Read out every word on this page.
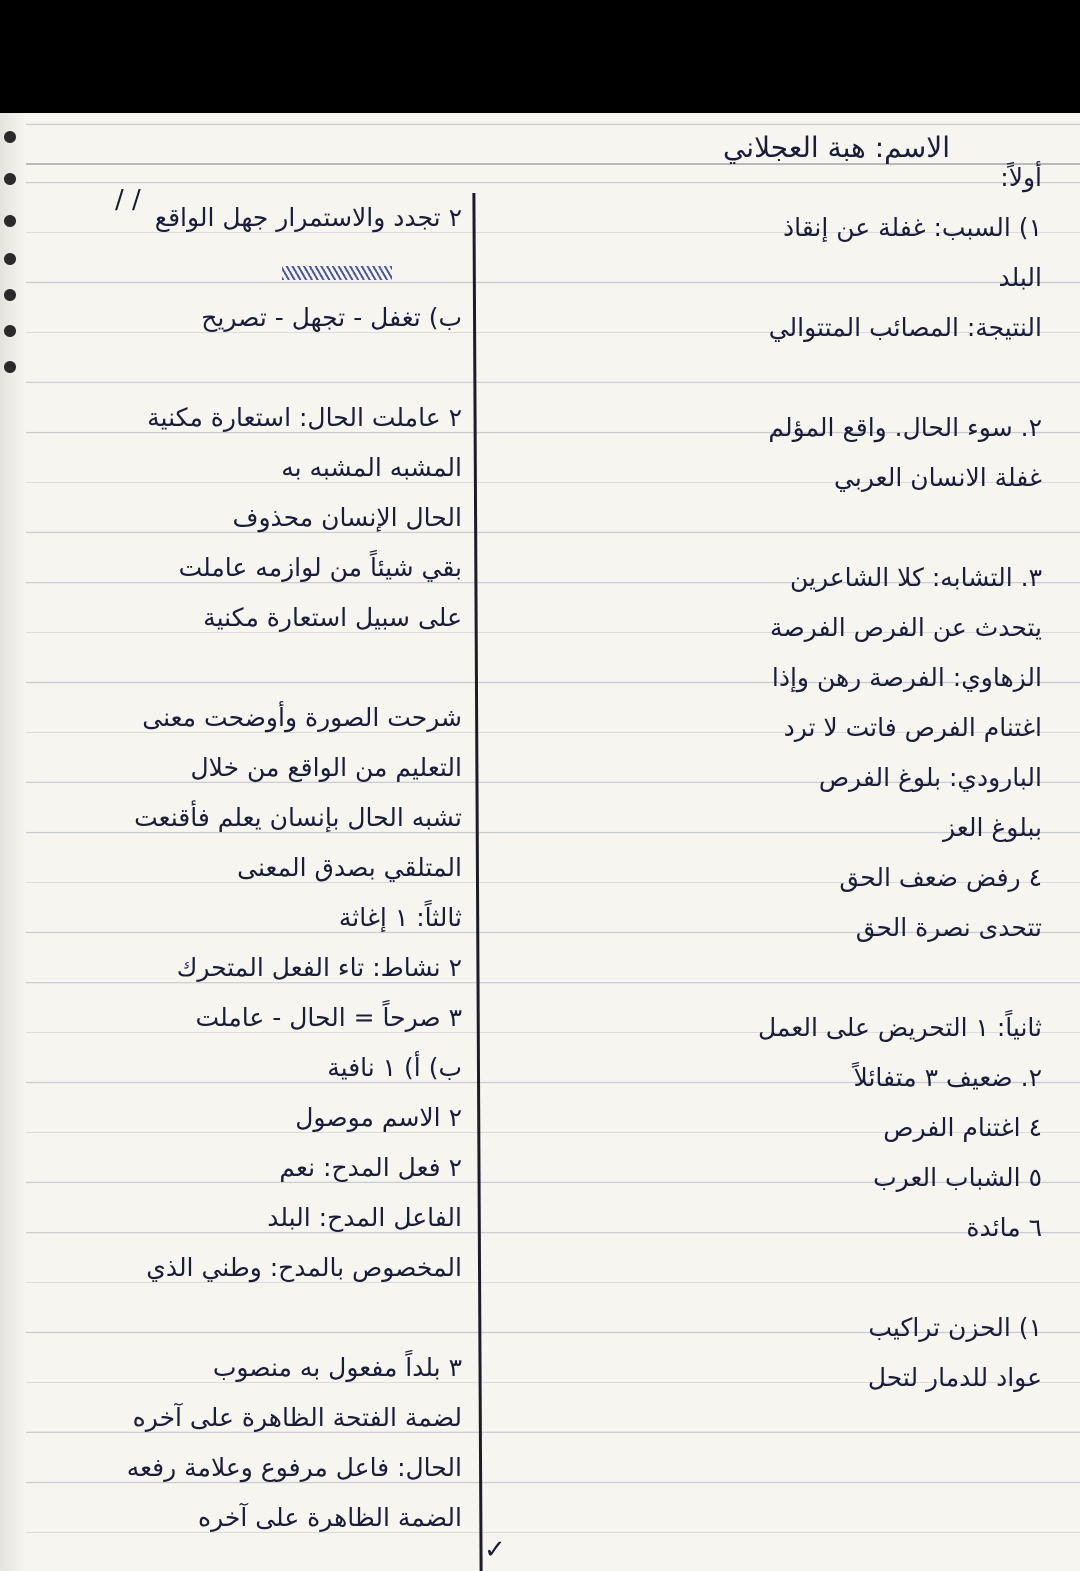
الاسم: هبة العجلاني
أولاً:
١) السبب: غفلة عن إنقاذ
البلد
النتيجة: المصائب المتتوالي
٢. سوء الحال. واقع المؤلم
غفلة الانسان العربي
٣. التشابه: كلا الشاعرين
يتحدث عن الفرص الفرصة
الزهاوي: الفرصة رهن وإذا
اغتنام الفرص فاتت لا ترد
البارودي: بلوغ الفرص
ببلوغ العز
٤ رفض ضعف الحق
تتحدى نصرة الحق
ثانياً: ١ التحريض على العمل
٢. ضعيف ٣ متفائلاً
٤ اغتنام الفرص
٥ الشباب العرب
٦ مائدة
١) الحزن تراكيب
عواد للدمار لتحل
٢ تجدد والاستمرار جهل الواقع
ب) تغفل - تجهل - تصريح
٢ عاملت الحال: استعارة مكنية
المشبه المشبه به
الحال الإنسان محذوف
بقي شيئاً من لوازمه عاملت
على سبيل استعارة مكنية
شرحت الصورة وأوضحت معنى
التعليم من الواقع من خلال
تشبه الحال بإنسان يعلم فأقنعت
المتلقي بصدق المعنى
ثالثاً: ١ إغاثة
٢ نشاط: تاء الفعل المتحرك
٣ صرحاً = الحال - عاملت
ب) أ) ١ نافية
٢ الاسم موصول
٢ فعل المدح: نعم
الفاعل المدح: البلد
المخصوص بالمدح: وطني الذي
٣ بلداً مفعول به منصوب
لضمة الفتحة الظاهرة على آخره
الحال: فاعل مرفوع وعلامة رفعه
الضمة الظاهرة على آخره
/ /
✓
